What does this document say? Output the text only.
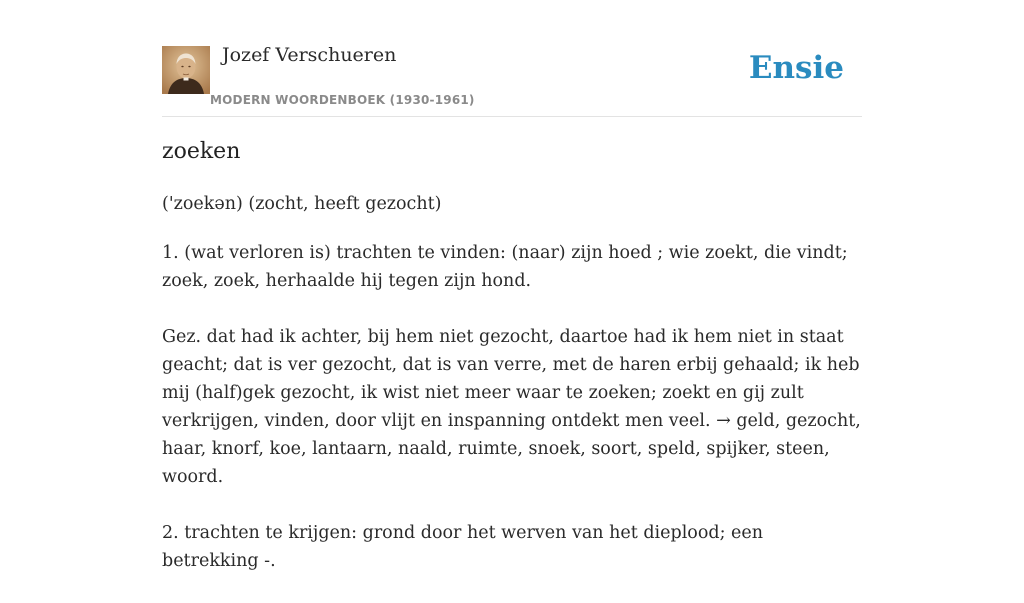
Jozef Verschueren
MODERN WOORDENBOEK (1930-1961)
Ensie
zoeken

('zoekən) (zocht, heeft gezocht)

1. (wat verloren is) trachten te vinden: (naar) zijn hoed ; wie zoekt, die vindt; zoek, zoek, herhaalde hij tegen zijn hond.

Gez. dat had ik achter, bij hem niet gezocht, daartoe had ik hem niet in staat geacht; dat is ver gezocht, dat is van verre, met de haren erbij gehaald; ik heb mij (half)gek gezocht, ik wist niet meer waar te zoeken; zoekt en gij zult verkrijgen, vinden, door vlijt en inspanning ontdekt men veel. → geld, gezocht, haar, knorf, koe, lantaarn, naald, ruimte, snoek, soort, speld, spijker, steen, woord.

2. trachten te krijgen: grond door het werven van het dieplood; een betrekking -.
